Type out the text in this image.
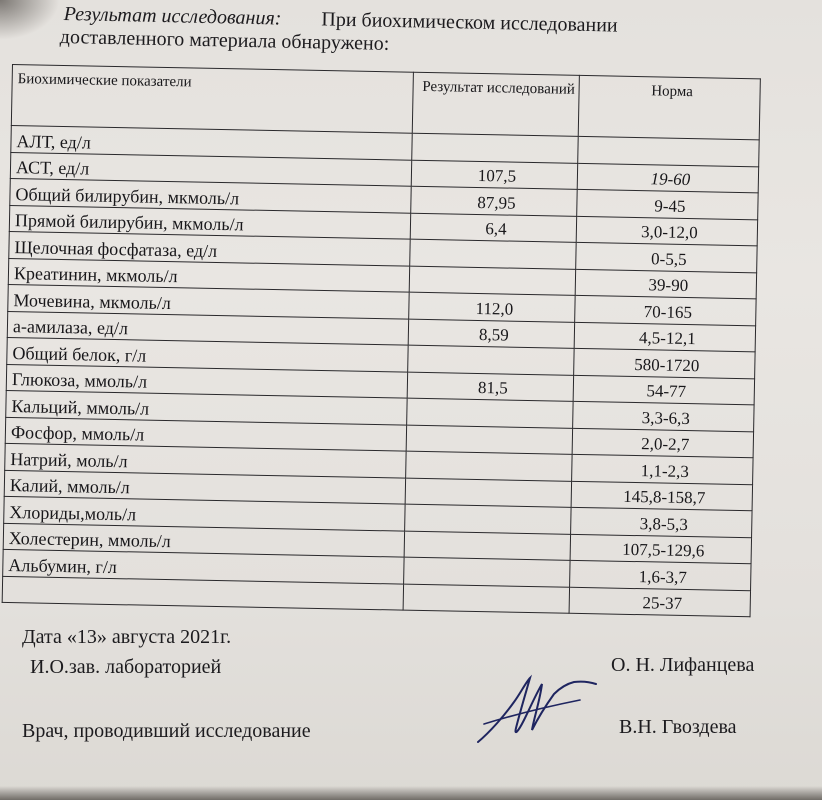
Результат исследования: При биохимическом исследовании
доставленного материала обнаружено:
Биохимические показатели	Результат исследований	Норма
АЛТ, ед/л		
АСТ, ед/л	107,5	19-60
Общий билирубин, мкмоль/л	87,95	9-45
Прямой билирубин, мкмоль/л	6,4	3,0-12,0
Щелочная фосфатаза, ед/л		0-5,5
Креатинин, мкмоль/л		39-90
Мочевина, мкмоль/л	112,0	70-165
а-амилаза, ед/л	8,59	4,5-12,1
Общий белок, г/л		580-1720
Глюкоза, ммоль/л	81,5	54-77
Кальций, ммоль/л		3,3-6,3
Фосфор, ммоль/л		2,0-2,7
Натрий, моль/л		1,1-2,3
Калий, ммоль/л		145,8-158,7
Хлориды,моль/л		3,8-5,3
Холестерин, ммоль/л		107,5-129,6
Альбумин, г/л		1,6-3,7
		25-37
Дата «13» августа 2021г.
И.О.зав. лабораторией	О. Н. Лифанцева
Врач, проводивший исследование	В.Н. Гвоздева
